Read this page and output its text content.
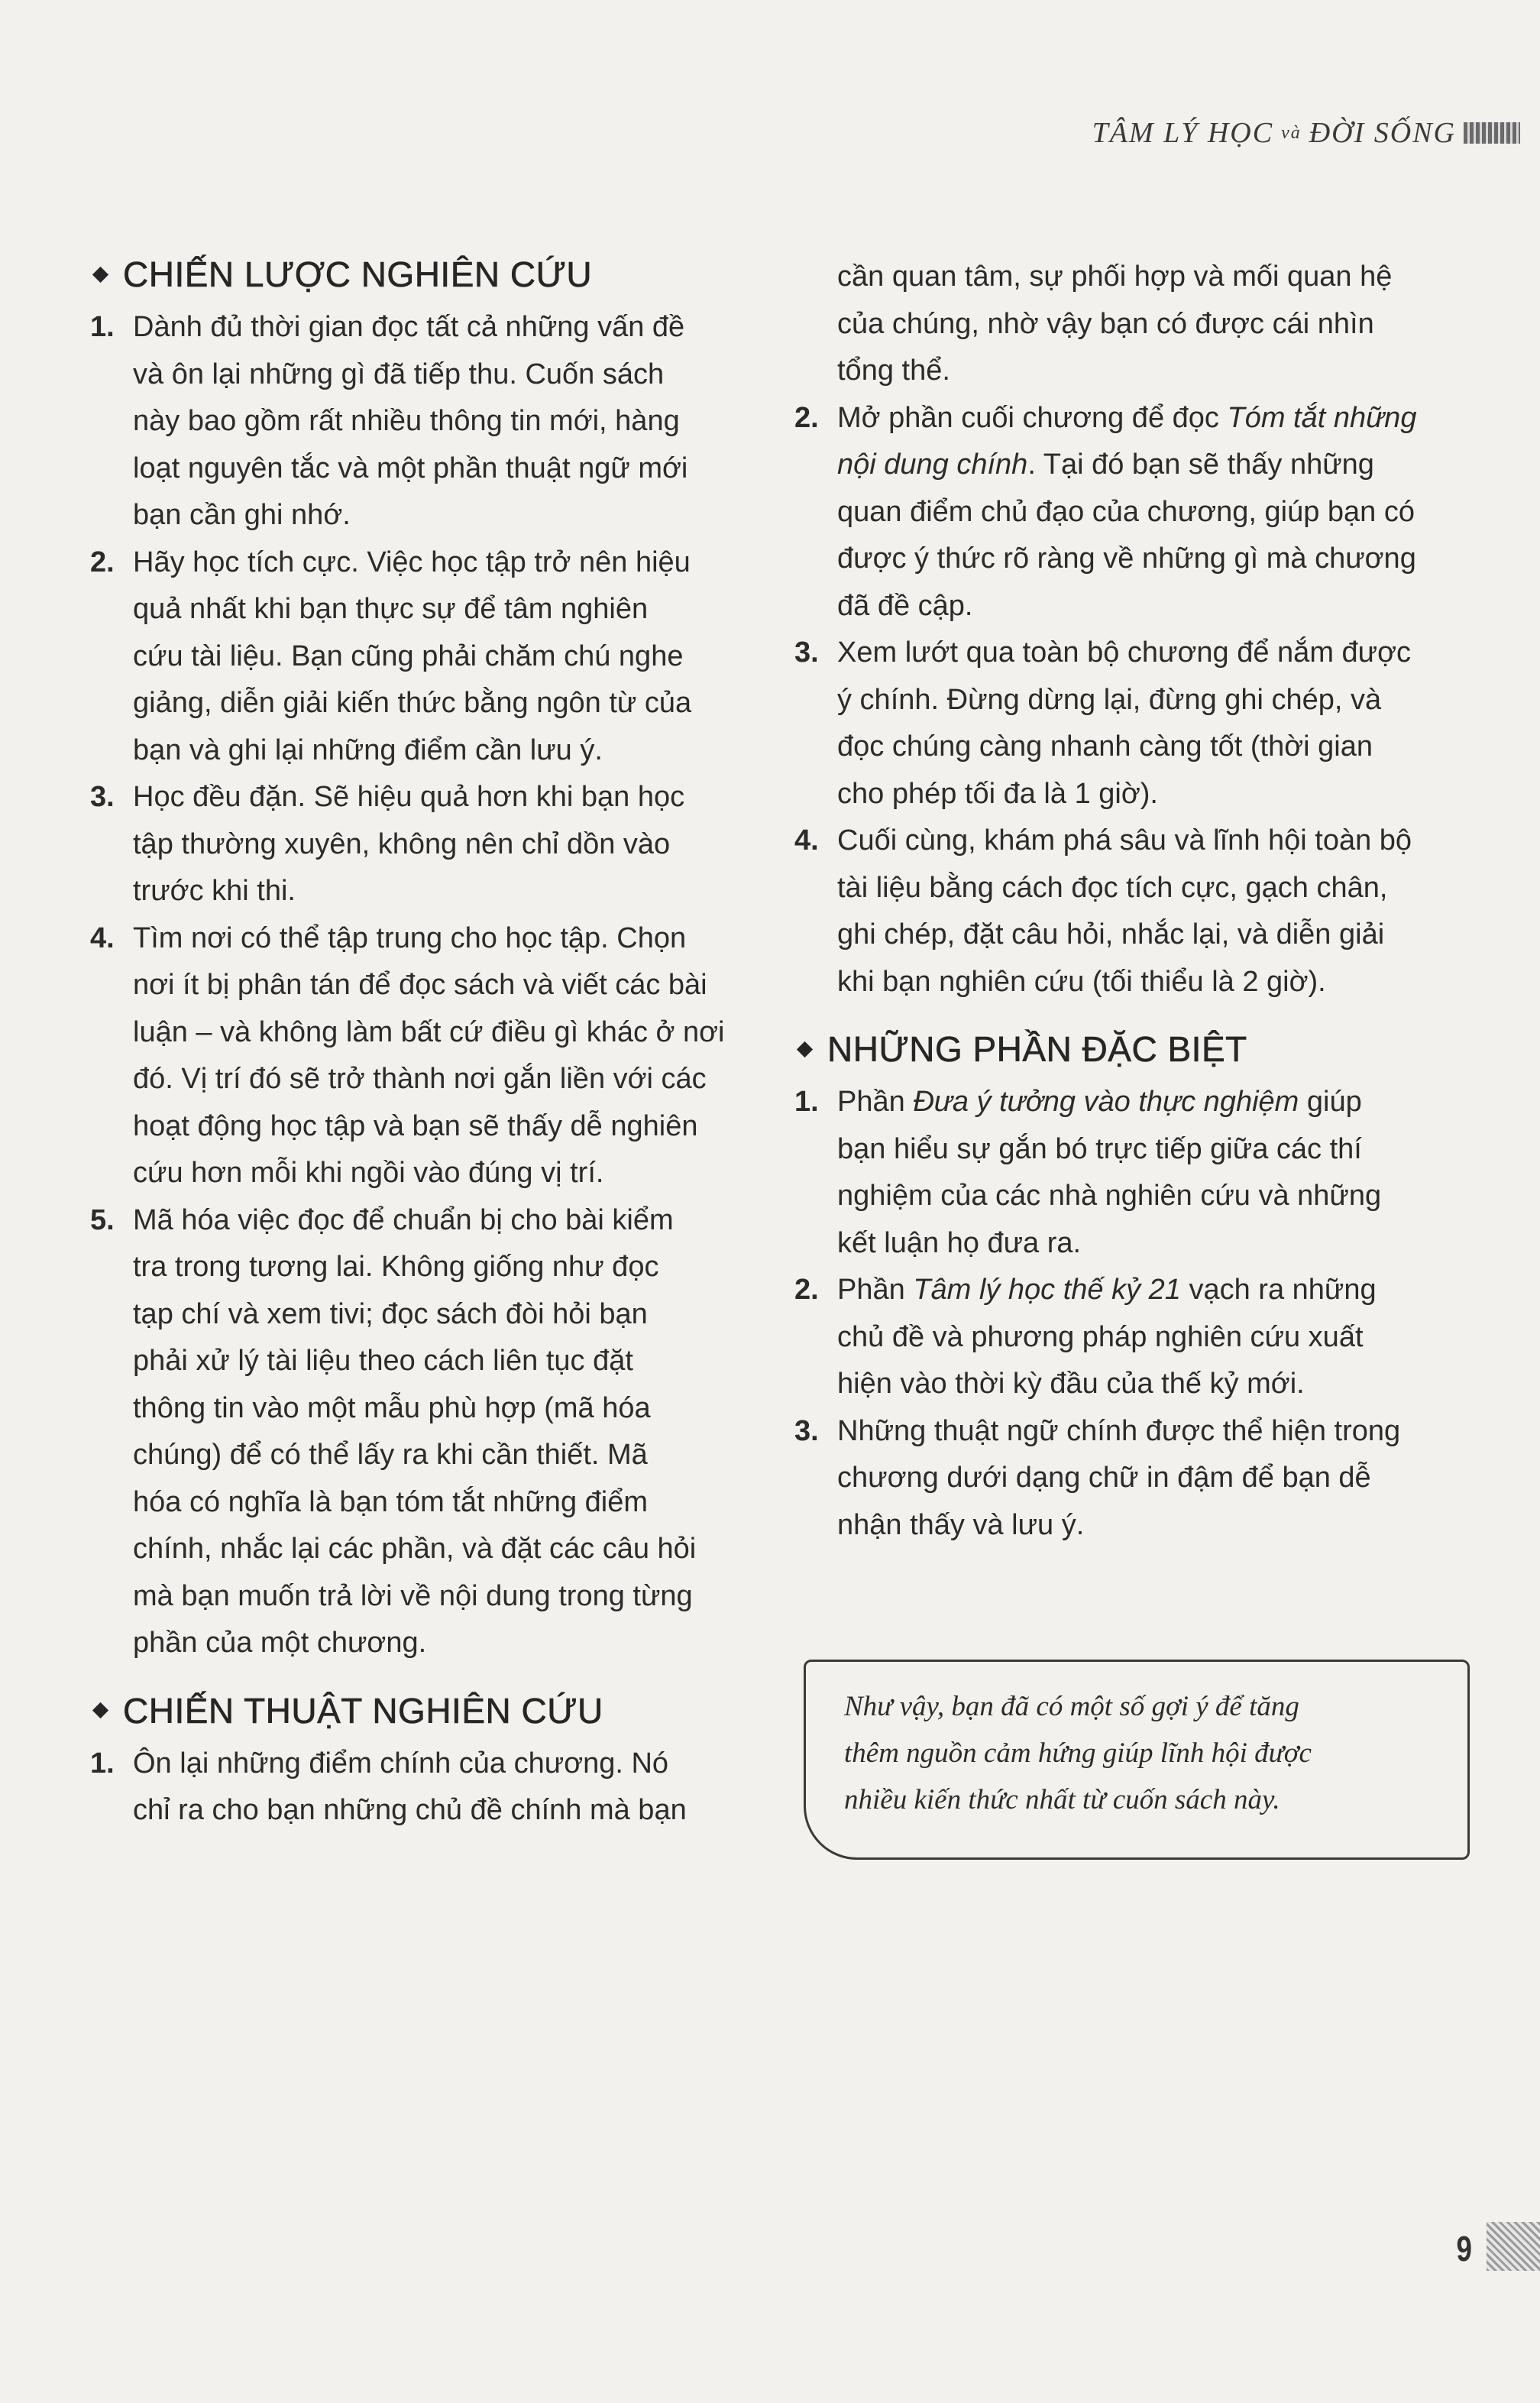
TÂM LÝ HỌC và ĐỜI SỐNG
CHIẾN LƯỢC NGHIÊN CỨU
1. Dành đủ thời gian đọc tất cả những vấn đề
và ôn lại những gì đã tiếp thu. Cuốn sách
này bao gồm rất nhiều thông tin mới, hàng
loạt nguyên tắc và một phần thuật ngữ mới
bạn cần ghi nhớ.
2. Hãy học tích cực. Việc học tập trở nên hiệu
quả nhất khi bạn thực sự để tâm nghiên
cứu tài liệu. Bạn cũng phải chăm chú nghe
giảng, diễn giải kiến thức bằng ngôn từ của
bạn và ghi lại những điểm cần lưu ý.
3. Học đều đặn. Sẽ hiệu quả hơn khi bạn học
tập thường xuyên, không nên chỉ dồn vào
trước khi thi.
4. Tìm nơi có thể tập trung cho học tập. Chọn
nơi ít bị phân tán để đọc sách và viết các bài
luận – và không làm bất cứ điều gì khác ở nơi
đó. Vị trí đó sẽ trở thành nơi gắn liền với các
hoạt động học tập và bạn sẽ thấy dễ nghiên
cứu hơn mỗi khi ngồi vào đúng vị trí.
5. Mã hóa việc đọc để chuẩn bị cho bài kiểm
tra trong tương lai. Không giống như đọc
tạp chí và xem tivi; đọc sách đòi hỏi bạn
phải xử lý tài liệu theo cách liên tục đặt
thông tin vào một mẫu phù hợp (mã hóa
chúng) để có thể lấy ra khi cần thiết. Mã
hóa có nghĩa là bạn tóm tắt những điểm
chính, nhắc lại các phần, và đặt các câu hỏi
mà bạn muốn trả lời về nội dung trong từng
phần của một chương.
CHIẾN THUẬT NGHIÊN CỨU
1. Ôn lại những điểm chính của chương. Nó
chỉ ra cho bạn những chủ đề chính mà bạn
cần quan tâm, sự phối hợp và mối quan hệ
của chúng, nhờ vậy bạn có được cái nhìn
tổng thể.
2. Mở phần cuối chương để đọc Tóm tắt những
nội dung chính. Tại đó bạn sẽ thấy những
quan điểm chủ đạo của chương, giúp bạn có
được ý thức rõ ràng về những gì mà chương
đã đề cập.
3. Xem lướt qua toàn bộ chương để nắm được
ý chính. Đừng dừng lại, đừng ghi chép, và
đọc chúng càng nhanh càng tốt (thời gian
cho phép tối đa là 1 giờ).
4. Cuối cùng, khám phá sâu và lĩnh hội toàn bộ
tài liệu bằng cách đọc tích cực, gạch chân,
ghi chép, đặt câu hỏi, nhắc lại, và diễn giải
khi bạn nghiên cứu (tối thiểu là 2 giờ).
NHỮNG PHẦN ĐẶC BIỆT
1. Phần Đưa ý tưởng vào thực nghiệm giúp
bạn hiểu sự gắn bó trực tiếp giữa các thí
nghiệm của các nhà nghiên cứu và những
kết luận họ đưa ra.
2. Phần Tâm lý học thế kỷ 21 vạch ra những
chủ đề và phương pháp nghiên cứu xuất
hiện vào thời kỳ đầu của thế kỷ mới.
3. Những thuật ngữ chính được thể hiện trong
chương dưới dạng chữ in đậm để bạn dễ
nhận thấy và lưu ý.
Như vậy, bạn đã có một số gợi ý để tăng
thêm nguồn cảm hứng giúp lĩnh hội được
nhiều kiến thức nhất từ cuốn sách này.
9
